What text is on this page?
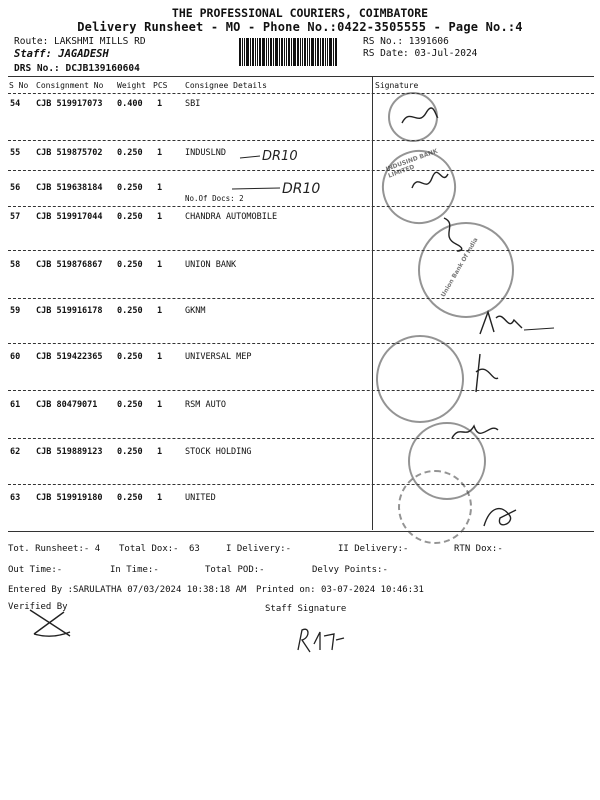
THE PROFESSIONAL COURIERS, COIMBATORE
Delivery Runsheet - MO - Phone No.:0422-3505555 - Page No.:4
Route: LAKSHMI MILLS RD
Staff: JAGADESH
DRS No.: DCJB139160604
RS No.: 1391606
RS Date: 03-Jul-2024
S No Consignment No Weight PCS Consignee Details	Signature
54 CJB 519917073 0.400 1	SBI
55 CJB 519875702 0.250 1	INDUSLND
56 CJB 519638184 0.250 1
No.Of Docs: 2
57 CJB 519917044 0.250 1	CHANDRA AUTOMOBILE
58 CJB 519876867 0.250 1	UNION BANK
59 CJB 519916178 0.250 1	GKNM
60 CJB 519422365 0.250 1	UNIVERSAL MEP
61 CJB 80479071 0.250 1	RSM AUTO
62 CJB 519889123 0.250 1	STOCK HOLDING
63 CJB 519919180 0.250 1	UNITED
INDUSIND BANK LIMITED
Union Bank Of India
DR10
DR10
Tot. Runsheet:- 4 Total Dox:- 63	I Delivery:-	II Delivery:-	RTN Dox:-
Out Time:-	In Time:-	Total POD:-	Delvy Points:-
Entered By :SARULATHA 07/03/2024 10:38:18 AM Printed on: 03-07-2024 10:46:31
Verified By	Staff Signature
